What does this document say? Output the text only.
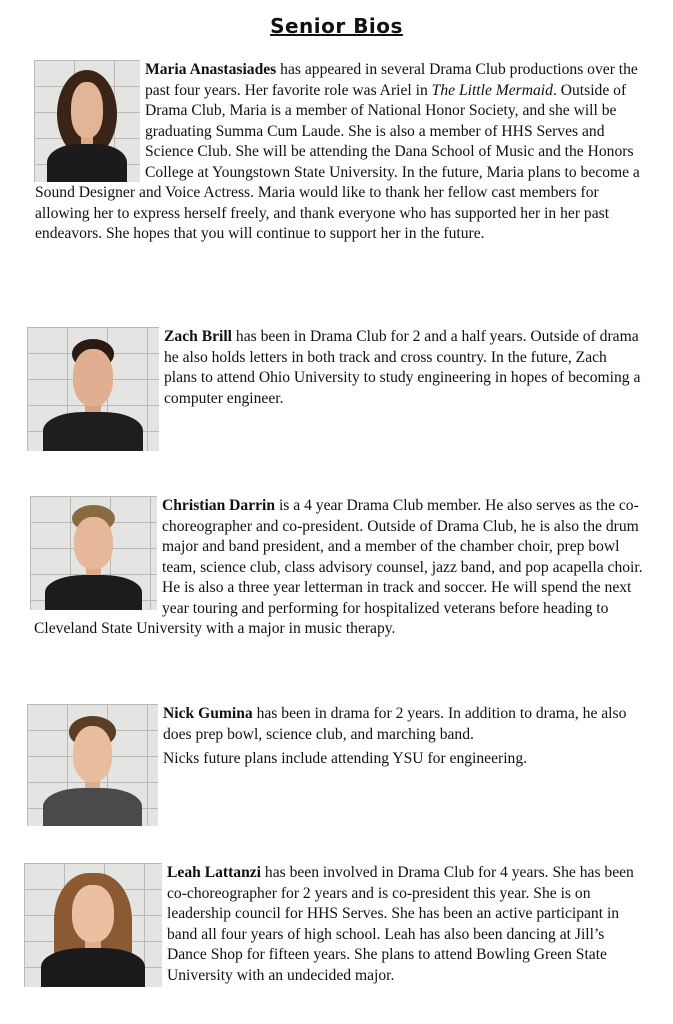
Senior Bios

Maria Anastasiades has appeared in several Drama Club productions over the past four years. Her favorite role was Ariel in The Little Mermaid. Outside of Drama Club, Maria is a member of National Honor Society, and she will be graduating Summa Cum Laude. She is also a member of HHS Serves and Science Club. She will be attending the Dana School of Music and the Honors College at Youngstown State University. In the future, Maria plans to become a Sound Designer and Voice Actress. Maria would like to thank her fellow cast members for allowing her to express herself freely, and thank everyone who has supported her in her past endeavors. She hopes that you will continue to support her in the future.

Zach Brill has been in Drama Club for 2 and a half years. Outside of drama he also holds letters in both track and cross country. In the future, Zach plans to attend Ohio University to study engineering in hopes of becoming a computer engineer.

Christian Darrin is a 4 year Drama Club member. He also serves as the co-choreographer and co-president. Outside of Drama Club, he is also the drum major and band president, and a member of the chamber choir, prep bowl team, science club, class advisory counsel, jazz band, and pop acapella choir. He is also a three year letterman in track and soccer. He will spend the next year touring and performing for hospitalized veterans before heading to Cleveland State University with a major in music therapy.

Nick Gumina has been in drama for 2 years. In addition to drama, he also does prep bowl, science club, and marching band.

Nicks future plans include attending YSU for engineering.

Leah Lattanzi has been involved in Drama Club for 4 years. She has been co-choreographer for 2 years and is co-president this year. She is on leadership council for HHS Serves. She has been an active participant in band all four years of high school. Leah has also been dancing at Jill’s Dance Shop for fifteen years. She plans to attend Bowling Green State University with an undecided major.
